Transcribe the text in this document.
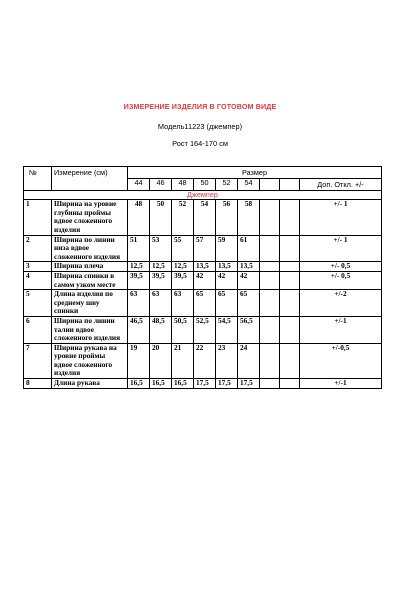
ИЗМЕРЕНИЕ ИЗДЕЛИЯ В ГОТОВОМ ВИДЕ
Модель11223 (джемпер)
Рост 164-170 см
№	Измерение (см)	Размер								
		44	46	48	50	52	54			Доп. Откл. +/-
Джемпер										
1	Ширина на уровне глубины проймы вдвое сложенного изделия	48	50	52	54	56	58			+/- 1
2	Ширина по линии низа вдвое сложенного изделия	51	53	55	57	59	61			+/- 1
3	Ширина плеча	12,5	12,5	12,5	13,5	13,5	13,5			+/- 0,5
4	Ширина спинки в самом узком месте	39,5	39,5	39,5	42	42	42			+/- 0,5
5	Длина изделия по среднему шву спинки	63	63	63	65	65	65			+/-2
6	Ширина по линии талии вдвое сложенного изделия	46,5	48,5	50,5	52,5	54,5	56,5			+/-1
7	Ширина рукава на уровне проймы вдвое сложенного изделия	19	20	21	22	23	24			+/-0,5
8	Длина рукава	16,5	16,5	16,5	17,5	17,5	17,5			+/-1
